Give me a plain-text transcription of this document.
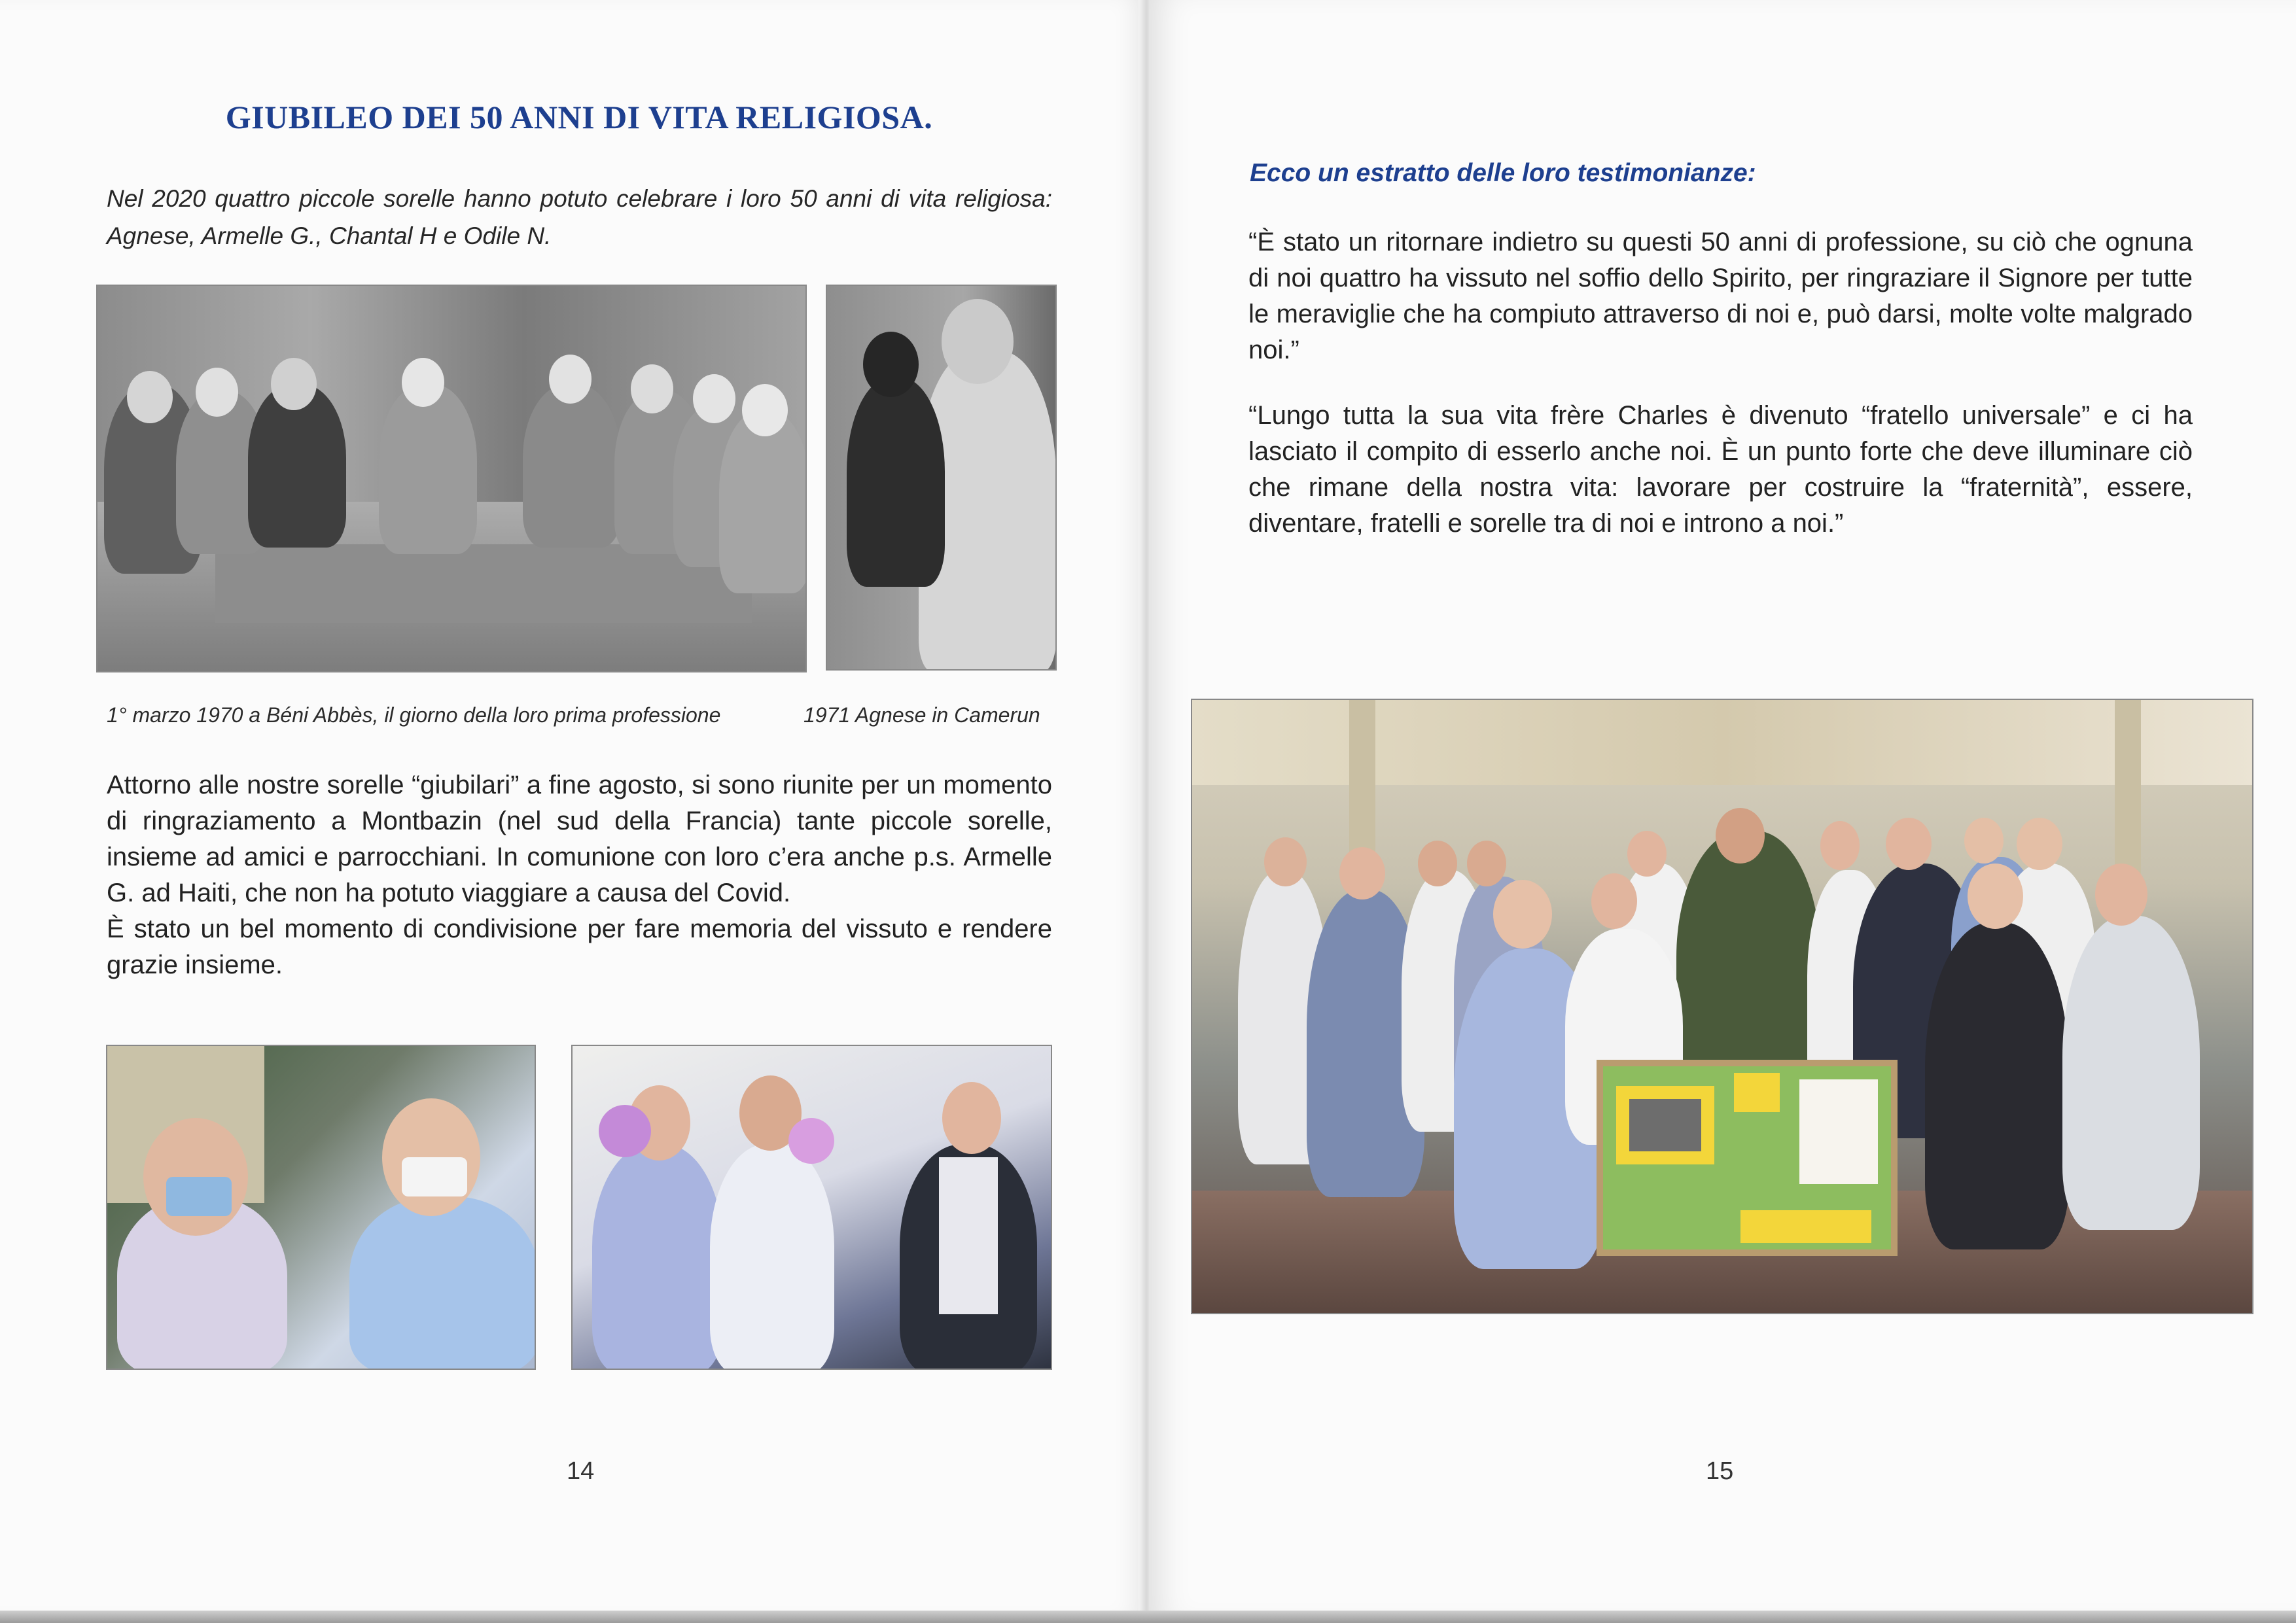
GIUBILEO DEI 50 ANNI DI VITA RELIGIOSA.
Nel 2020 quattro piccole sorelle hanno potuto celebrare i loro 50 anni di vita religiosa: Agnese, Armelle G., Chantal H e Odile N.
1° marzo 1970 a Béni Abbès, il giorno della loro prima professione	1971 Agnese in Camerun

Attorno alle nostre sorelle “giubilari” a fine agosto, si sono riunite per un momento di ringraziamento a Montbazin (nel sud della Francia) tante piccole sorelle, insieme ad amici e parrocchiani. In comunione con loro c’era anche p.s. Armelle G. ad Haiti, che non ha potuto viaggiare a causa del Covid.

È stato un bel momento di condivisione per fare memoria del vissuto e rendere grazie insieme.

14
Ecco un estratto delle loro testimonianze:
“È stato un ritornare indietro su questi 50 anni di professione, su ciò che ognuna di noi quattro ha vissuto nel soffio dello Spirito, per ringraziare il Signore per tutte le meraviglie che ha compiuto attraverso di noi e, può darsi, molte volte malgrado noi.”
“Lungo tutta la sua vita frère Charles è divenuto “fratello universale” e ci ha lasciato il compito di esserlo anche noi. È un punto forte che deve illuminare ciò che rimane della nostra vita: lavorare per costruire la “fraternità”, essere, diventare, fratelli e sorelle tra di noi e introno a noi.”
15
